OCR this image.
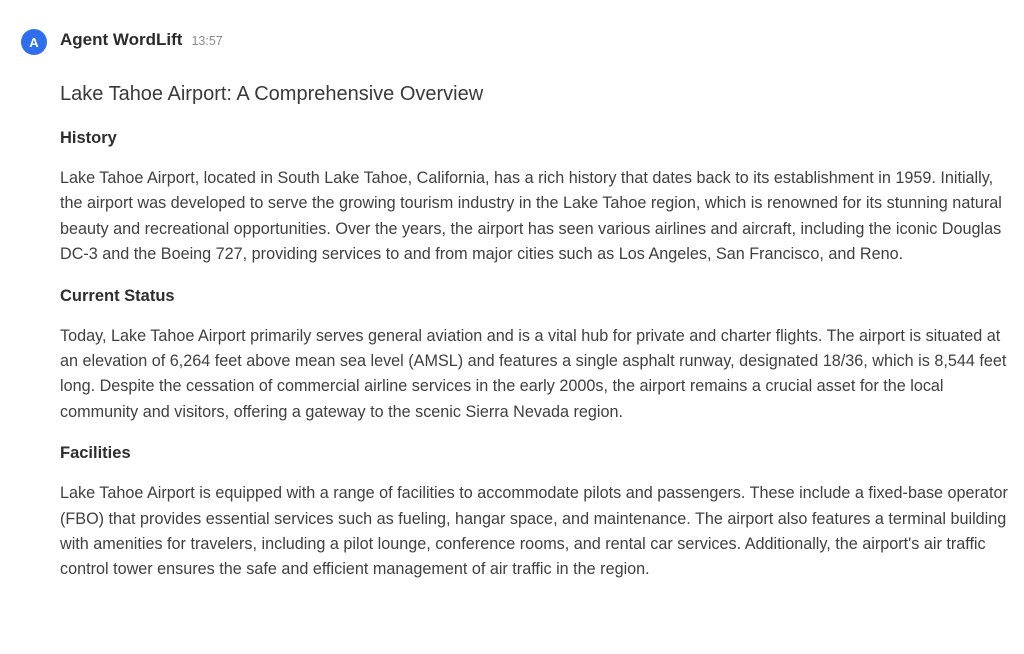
A	Agent WordLift 13:57
Lake Tahoe Airport: A Comprehensive Overview
History

Lake Tahoe Airport, located in South Lake Tahoe, California, has a rich history that dates back to its establishment in 1959. Initially, the airport was developed to serve the growing tourism industry in the Lake Tahoe region, which is renowned for its stunning natural beauty and recreational opportunities. Over the years, the airport has seen various airlines and aircraft, including the iconic Douglas DC-3 and the Boeing 727, providing services to and from major cities such as Los Angeles, San Francisco, and Reno.

Current Status

Today, Lake Tahoe Airport primarily serves general aviation and is a vital hub for private and charter flights. The airport is situated at an elevation of 6,264 feet above mean sea level (AMSL) and features a single asphalt runway, designated 18/36, which is 8,544 feet long. Despite the cessation of commercial airline services in the early 2000s, the airport remains a crucial asset for the local community and visitors, offering a gateway to the scenic Sierra Nevada region.

Facilities

Lake Tahoe Airport is equipped with a range of facilities to accommodate pilots and passengers. These include a fixed-base operator (FBO) that provides essential services such as fueling, hangar space, and maintenance. The airport also features a terminal building with amenities for travelers, including a pilot lounge, conference rooms, and rental car services. Additionally, the airport's air traffic control tower ensures the safe and efficient management of air traffic in the region.
